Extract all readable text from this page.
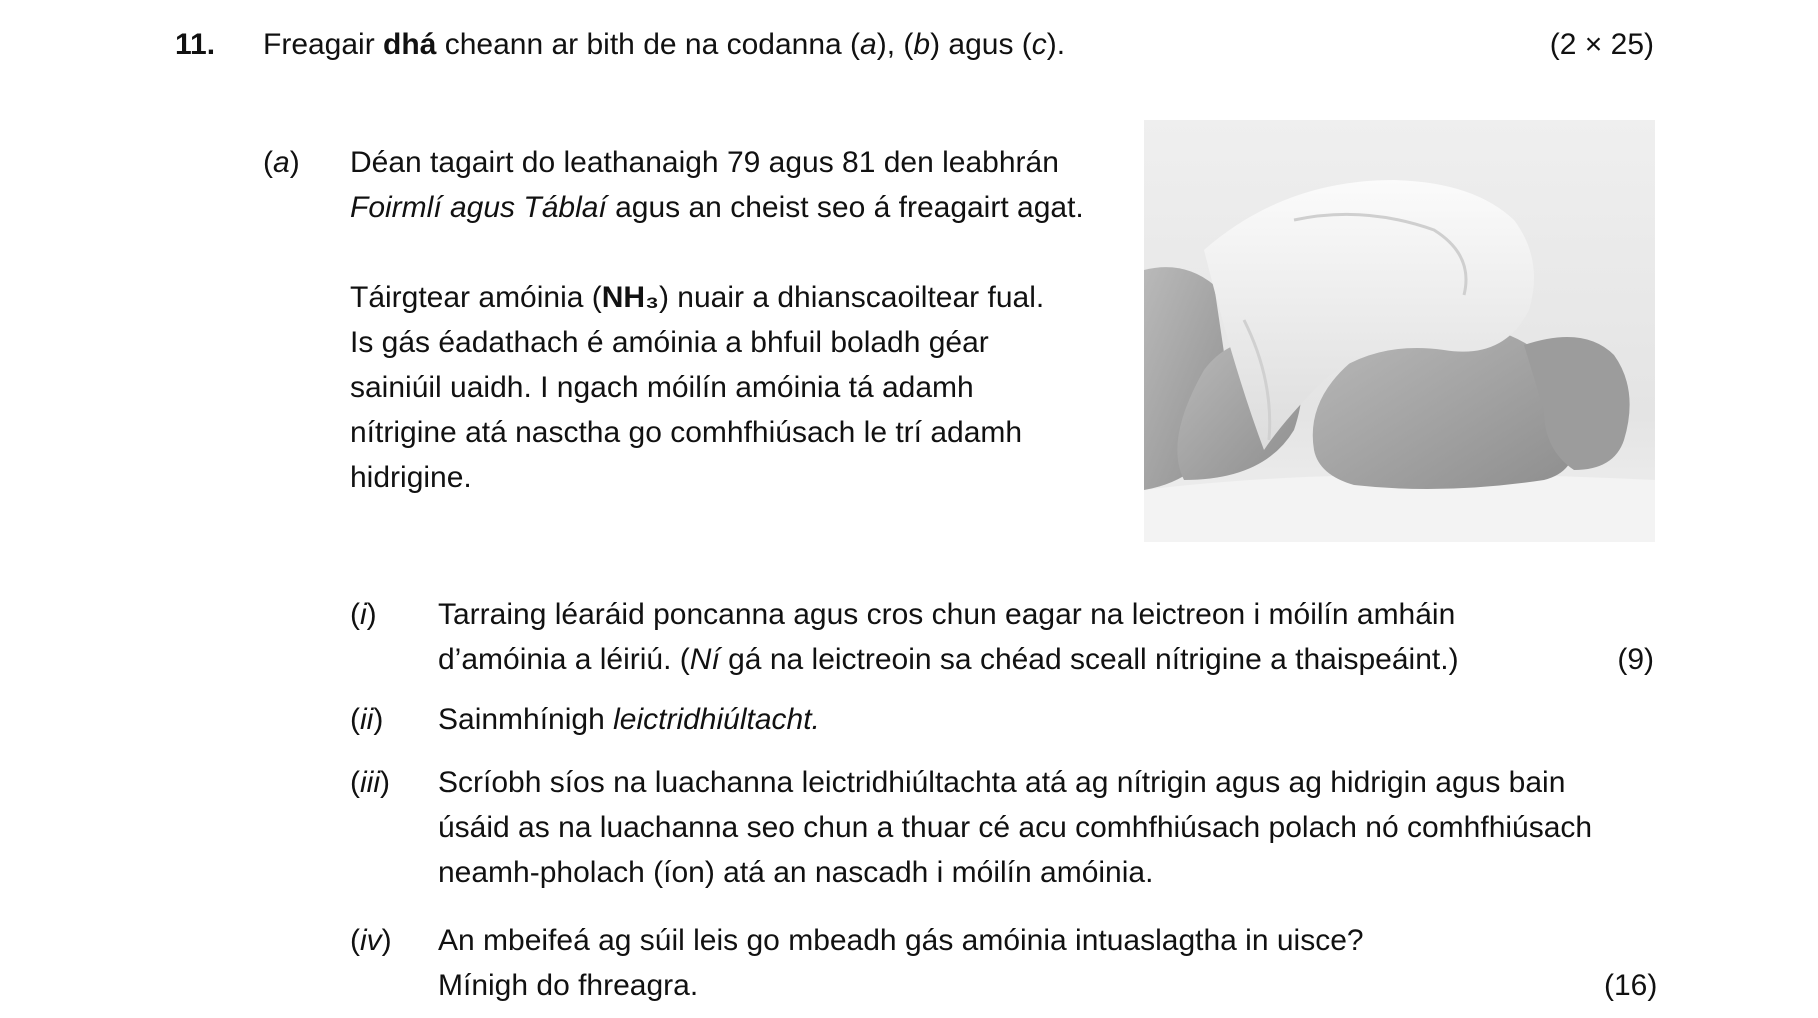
11. Freagair dhá cheann ar bith de na codanna (a), (b) agus (c).	(2 × 25)
(a) Déan tagairt do leathanaigh 79 agus 81 den leabhrán Foirmlí agus Táblaí agus an cheist seo á freagairt agat.

Táirgtear amóinia (NH₃) nuair a dhianscaoiltear fual. Is gás éadathach é amóinia a bhfuil boladh géar sainiúil uaidh. I ngach móilín amóinia tá adamh nítrigine atá nasctha go comhfhiúsach le trí adamh hidrigine.

(i) Tarraing léaráid poncanna agus cros chun eagar na leictreon i móilín amháin d’amóinia a léiriú. (Ní gá na leictreoin sa chéad sceall nítrigine a thaispeáint.)	(9)
(ii) Sainmhínigh leictridhiúltacht.
(iii) Scríobh síos na luachanna leictridhiúltachta atá ag nítrigin agus ag hidrigin agus bain úsáid as na luachanna seo chun a thuar cé acu comhfhiúsach polach nó comhfhiúsach neamh-pholach (íon) atá an nascadh i móilín amóinia.
(iv) An mbeifeá ag súil leis go mbeadh gás amóinia intuaslagtha in uisce?
Mínigh do fhreagra.	(16)
